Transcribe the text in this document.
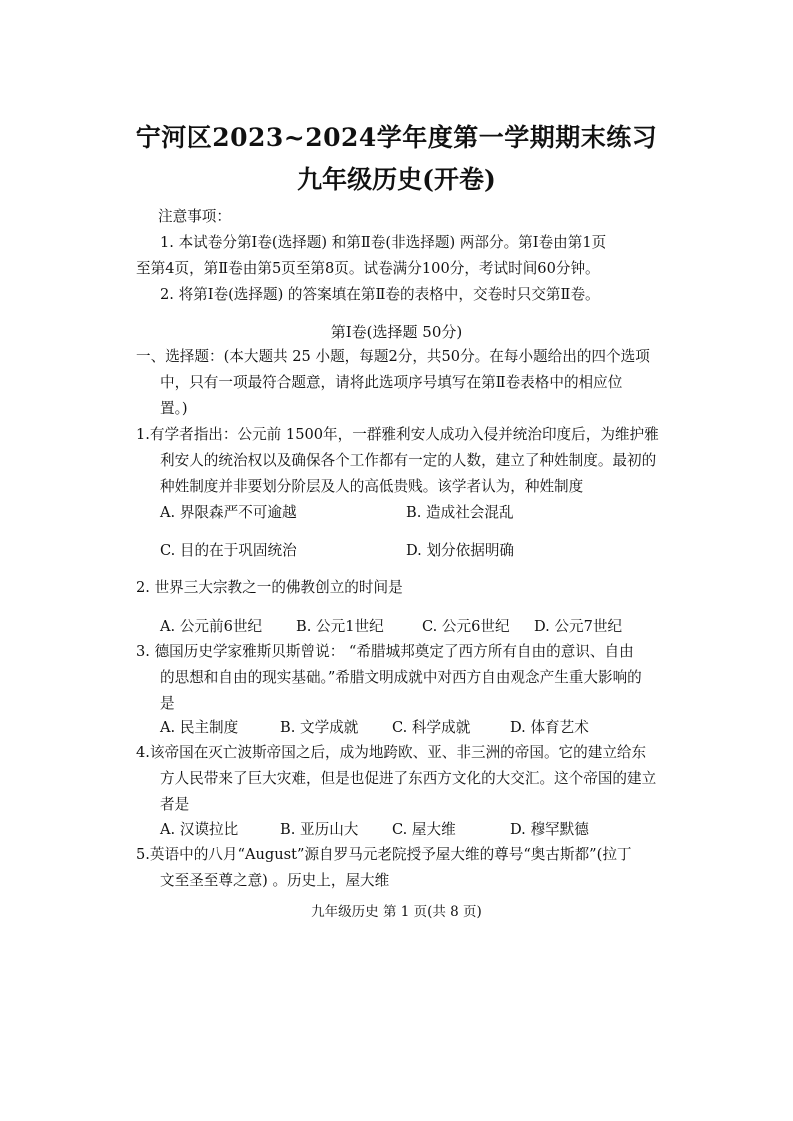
宁河区2023~2024学年度第一学期期末练习
九年级历史(开卷)
注意事项：
1. 本试卷分第Ⅰ卷(选择题) 和第Ⅱ卷(非选择题) 两部分。第Ⅰ卷由第1页
至第4页，第Ⅱ卷由第5页至第8页。试卷满分100分，考试时间60分钟。
2. 将第Ⅰ卷(选择题) 的答案填在第Ⅱ卷的表格中，交卷时只交第Ⅱ卷。
第Ⅰ卷(选择题 50分)
一、选择题：(本大题共 25 小题，每题2分，共50分。在每小题给出的四个选项
中，只有一项最符合题意，请将此选项序号填写在第Ⅱ卷表格中的相应位
置。)
1.有学者指出：公元前 1500年，一群雅利安人成功入侵并统治印度后，为维护雅
利安人的统治权以及确保各个工作都有一定的人数，建立了种姓制度。最初的
种姓制度并非要划分阶层及人的高低贵贱。该学者认为，种姓制度
A. 界限森严不可逾越	B. 造成社会混乱
C. 目的在于巩固统治	D. 划分依据明确
2. 世界三大宗教之一的佛教创立的时间是
A. 公元前6世纪 B. 公元1世纪	C. 公元6世纪 D. 公元7世纪
3. 德国历史学家雅斯贝斯曾说： “希腊城邦奠定了西方所有自由的意识、自由
的思想和自由的现实基础。”希腊文明成就中对西方自由观念产生重大影响的
是
A. 民主制度	B. 文学成就 C. 科学成就	D. 体育艺术
4.该帝国在灭亡波斯帝国之后，成为地跨欧、亚、非三洲的帝国。它的建立给东
方人民带来了巨大灾难，但是也促进了东西方文化的大交汇。这个帝国的建立
者是
A. 汉谟拉比	B. 亚历山大 C. 屋大维	D. 穆罕默德
5.英语中的八月“August”源自罗马元老院授予屋大维的尊号“奥古斯都”(拉丁
文至圣至尊之意) 。历史上，屋大维
九年级历史 第 1 页(共 8 页)
